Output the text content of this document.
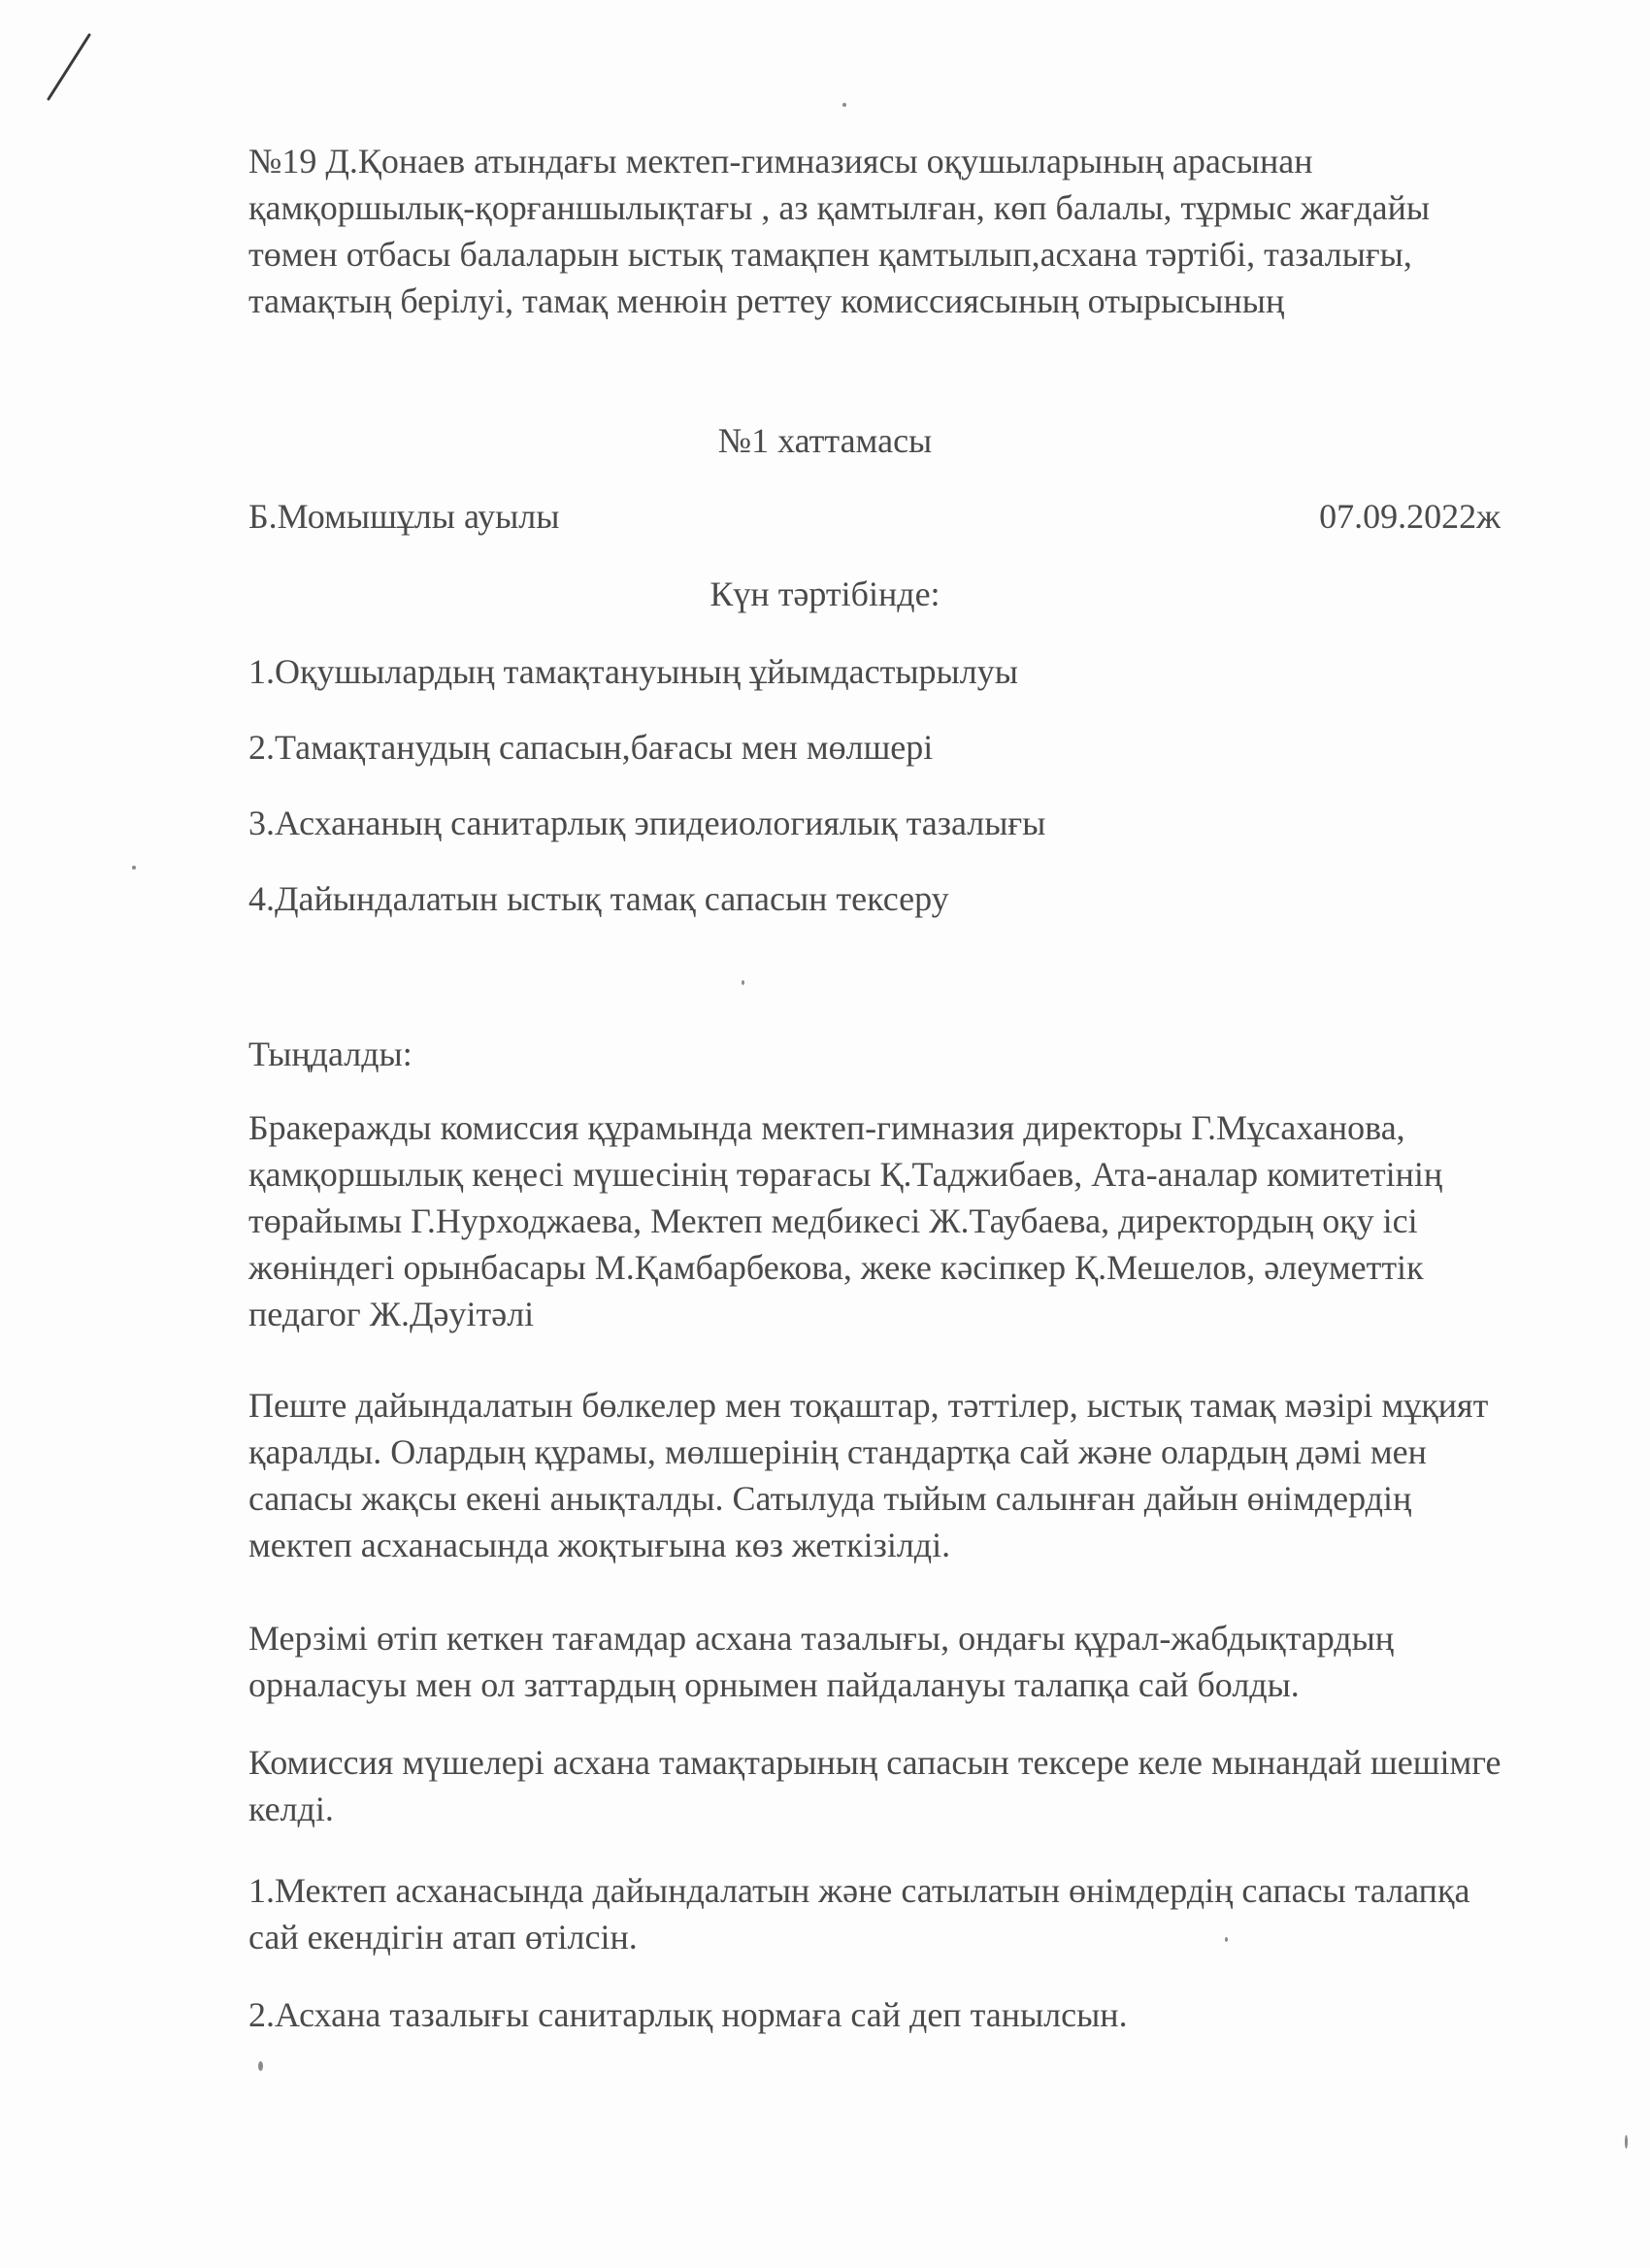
№19 Д.Қонаев атындағы мектеп-гимназиясы оқушыларының арасынан қамқоршылық-қорғаншылықтағы , аз қамтылған, көп балалы, тұрмыс жағдайы төмен отбасы балаларын ыстық тамақпен қамтылып,асхана тәртібі, тазалығы, тамақтың берілуі, тамақ менюін реттеу комиссиясының отырысының
№1 хаттамасы
Б.Момышұлы ауылы	07.09.2022ж
Күн тәртібінде:
1.Оқушылардың тамақтануының ұйымдастырылуы
2.Тамақтанудың сапасын,бағасы мен мөлшері
3.Асхананың санитарлық эпидеиологиялық тазалығы
4.Дайындалатын ыстық тамақ сапасын тексеру
Тыңдалды:
Бракеражды комиссия құрамында мектеп-гимназия директоры Г.Мұсаханова, қамқоршылық кеңесі мүшесінің төрағасы Қ.Таджибаев, Ата-аналар комитетінің төрайымы Г.Нурходжаева, Мектеп медбикесі Ж.Таубаева, директордың оқу ісі жөніндегі орынбасары М.Қамбарбекова, жеке кәсіпкер Қ.Мешелов, әлеуметтік педагог Ж.Дәуітәлі
Пеште дайындалатын бөлкелер мен тоқаштар, тәттілер, ыстық тамақ мәзірі мұқият қаралды. Олардың құрамы, мөлшерінің стандартқа сай және олардың дәмі мен сапасы жақсы екені анықталды. Сатылуда тыйым салынған дайын өнімдердің мектеп асханасында жоқтығына көз жеткізілді.
Мерзімі өтіп кеткен тағамдар асхана тазалығы, ондағы құрал-жабдықтардың орналасуы мен ол заттардың орнымен пайдалануы талапқа сай болды.
Комиссия мүшелері асхана тамақтарының сапасын тексере келе мынандай шешімге келді.
1.Мектеп асханасында дайындалатын және сатылатын өнімдердің сапасы талапқа сай екендігін атап өтілсін.
2.Асхана тазалығы санитарлық нормаға сай деп танылсын.
